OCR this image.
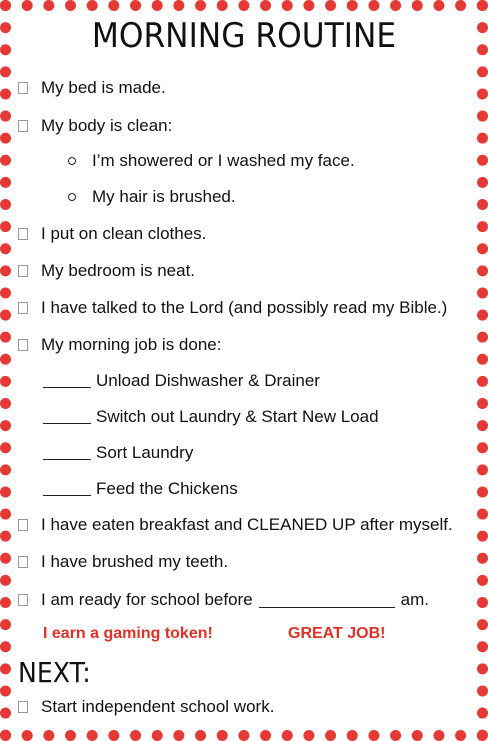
MORNING ROUTINE
My bed is made.
My body is clean:
I’m showered or I washed my face.
My hair is brushed.
I put on clean clothes.
My bedroom is neat.
I have talked to the Lord (and possibly read my Bible.)
My morning job is done:
Unload Dishwasher & Drainer
Switch out Laundry & Start New Load
Sort Laundry
Feed the Chickens
I have eaten breakfast and CLEANED UP after myself.
I have brushed my teeth.
I am ready for school before	am.
I earn a gaming token!	GREAT JOB!
NEXT:
Start independent school work.
